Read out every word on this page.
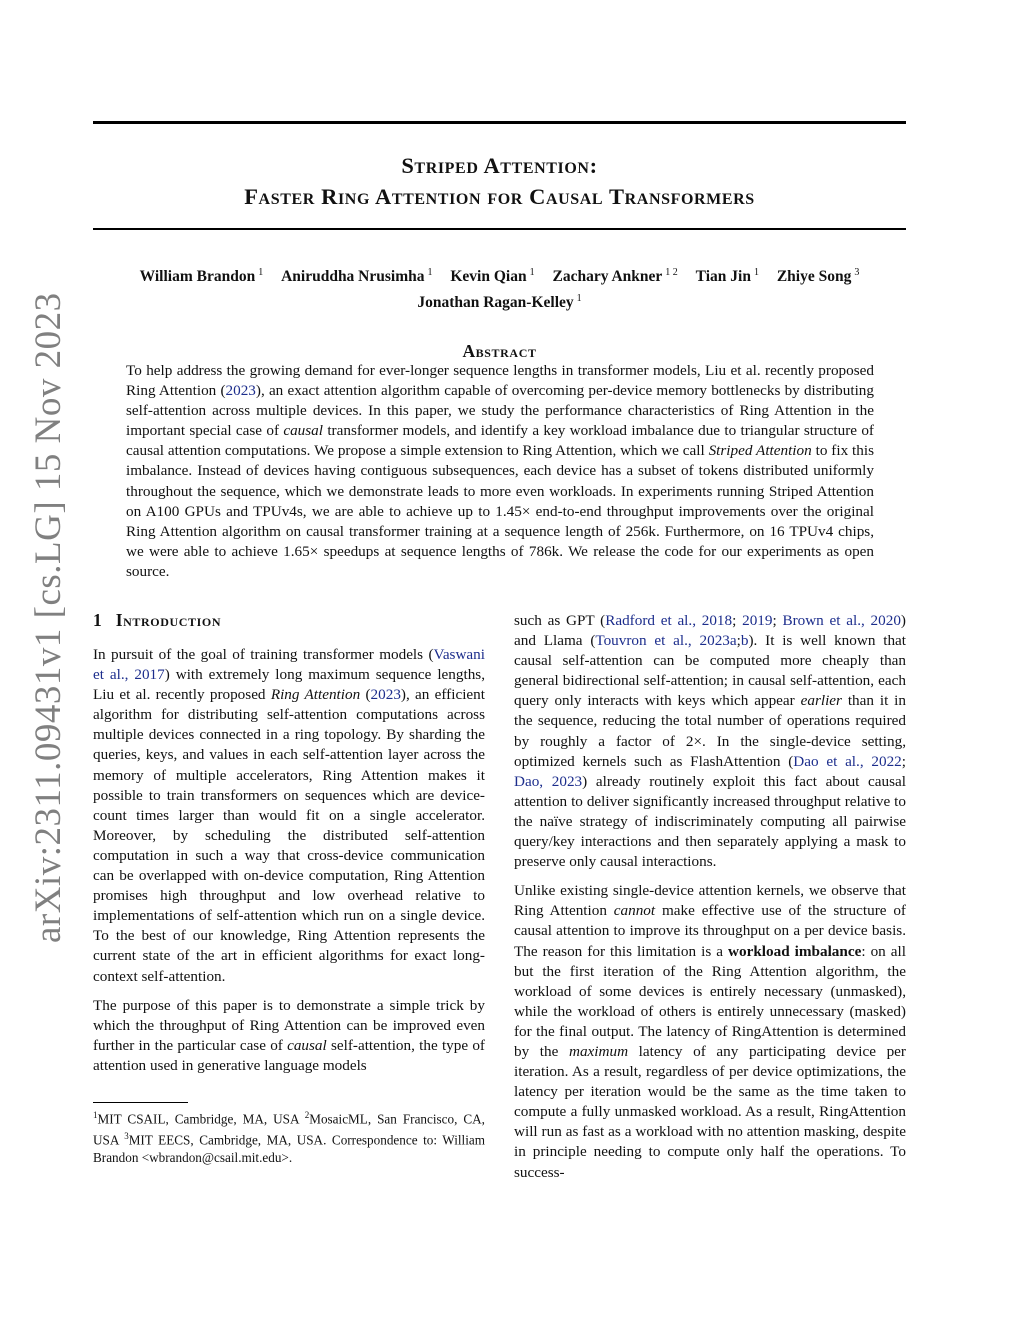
arXiv:2311.09431v1 [cs.LG] 15 Nov 2023
Striped Attention:
Faster Ring Attention for Causal Transformers
William Brandon $^1$ Aniruddha Nrusimha $^1$ Kevin Qian $^1$ Zachary Ankner $^{1 2}$ Tian Jin $^1$ Zhiye Song $^3$
Jonathan Ragan-Kelley $^1$
Abstract
To help address the growing demand for ever-longer sequence lengths in transformer models, Liu et al. recently proposed Ring Attention (2023), an exact attention algorithm capable of overcoming per-device memory bottlenecks by distributing self-attention across multiple devices. In this paper, we study the performance characteristics of Ring Attention in the important special case of causal transformer models, and identify a key workload imbalance due to triangular structure of causal attention computations. We propose a simple extension to Ring Attention, which we call Striped Attention to fix this imbalance. Instead of devices having contiguous subsequences, each device has a subset of tokens distributed uniformly throughout the sequence, which we demonstrate leads to more even workloads. In experiments running Striped Attention on A100 GPUs and TPUv4s, we are able to achieve up to 1.45× end-to-end throughput improvements over the original Ring Attention algorithm on causal transformer training at a sequence length of 256k. Furthermore, on 16 TPUv4 chips, we were able to achieve 1.65× speedups at sequence lengths of 786k. We release the code for our experiments as open source.
1 Introduction

In pursuit of the goal of training transformer models (Vaswani et al., 2017) with extremely long maximum sequence lengths, Liu et al. recently proposed Ring Attention (2023), an efficient algorithm for distributing self-attention computations across multiple devices connected in a ring topology. By sharding the queries, keys, and values in each self-attention layer across the memory of multiple accelerators, Ring Attention makes it possible to train transformers on sequences which are device-count times larger than would fit on a single accelerator. Moreover, by scheduling the distributed self-attention computation in such a way that cross-device communication can be overlapped with on-device computation, Ring Attention promises high throughput and low overhead relative to implementations of self-attention which run on a single device. To the best of our knowledge, Ring Attention represents the current state of the art in efficient algorithms for exact long-context self-attention.

The purpose of this paper is to demonstrate a simple trick by which the throughput of Ring Attention can be improved even further in the particular case of causal self-attention, the type of attention used in generative language models

$^1$MIT CSAIL, Cambridge, MA, USA $^2$MosaicML, San Francisco, CA, USA $^3$MIT EECS, Cambridge, MA, USA. Correspondence to: William Brandon <wbrandon@csail.mit.edu>.

such as GPT (Radford et al., 2018; 2019; Brown et al., 2020) and Llama (Touvron et al., 2023a;b). It is well known that causal self-attention can be computed more cheaply than general bidirectional self-attention; in causal self-attention, each query only interacts with keys which appear earlier than it in the sequence, reducing the total number of operations required by roughly a factor of 2×. In the single-device setting, optimized kernels such as FlashAttention (Dao et al., 2022; Dao, 2023) already routinely exploit this fact about causal attention to deliver significantly increased throughput relative to the naïve strategy of indiscriminately computing all pairwise query/key interactions and then separately applying a mask to preserve only causal interactions.

Unlike existing single-device attention kernels, we observe that Ring Attention cannot make effective use of the structure of causal attention to improve its throughput on a per device basis. The reason for this limitation is a workload imbalance: on all but the first iteration of the Ring Attention algorithm, the workload of some devices is entirely necessary (unmasked), while the workload of others is entirely unnecessary (masked) for the final output. The latency of RingAttention is determined by the maximum latency of any participating device per iteration. As a result, regardless of per device optimizations, the latency per iteration would be the same as the time taken to compute a fully unmasked workload. As a result, RingAttention will run as fast as a workload with no attention masking, despite in principle needing to compute only half the operations. To success-
